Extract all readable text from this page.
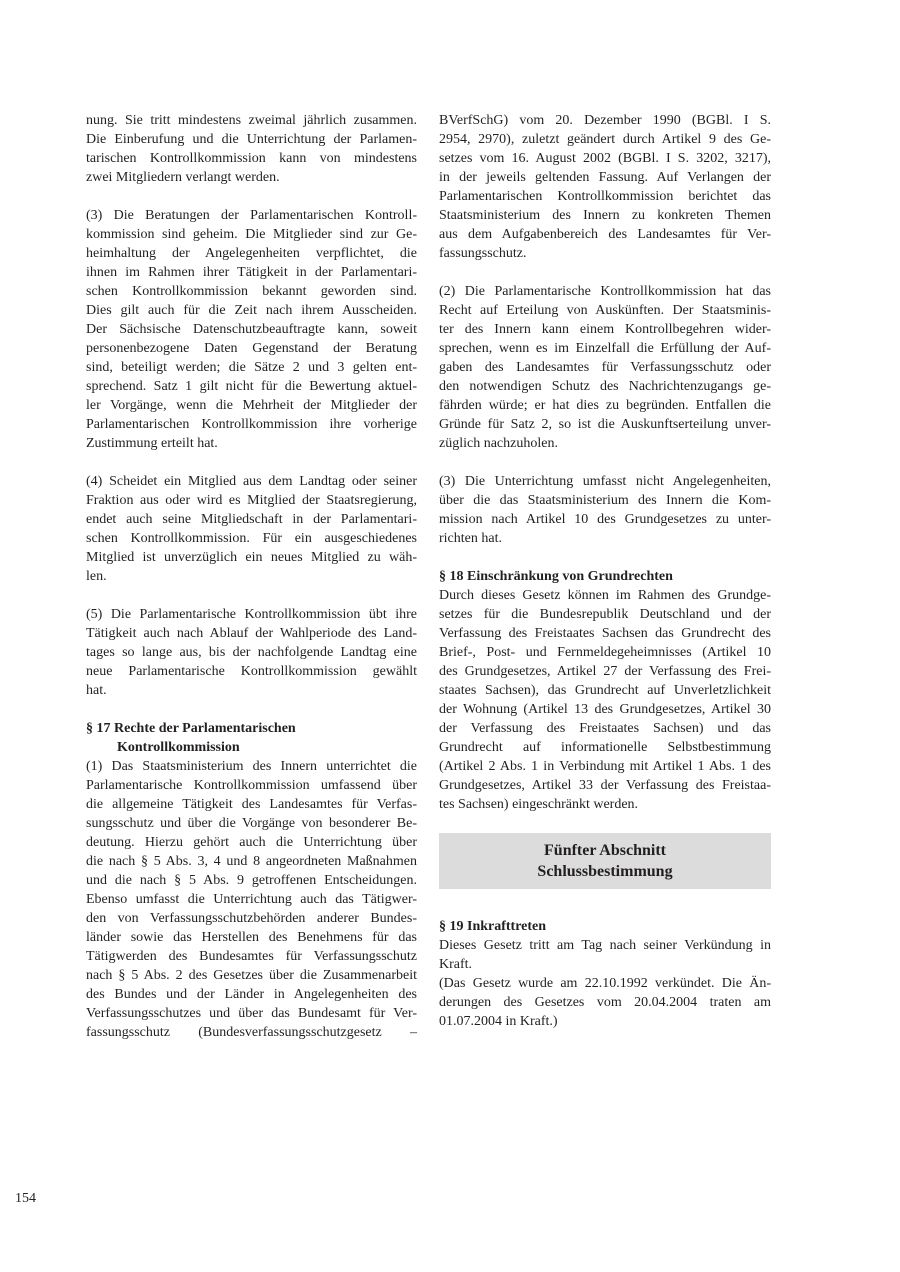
nung. Sie tritt mindestens zweimal jährlich zusammen.
Die Einberufung und die Unterrichtung der Parlamen-
tarischen Kontrollkommission kann von mindestens
zwei Mitgliedern verlangt werden.
(3) Die Beratungen der Parlamentarischen Kontroll-
kommission sind geheim. Die Mitglieder sind zur Ge-
heimhaltung der Angelegenheiten verpflichtet, die
ihnen im Rahmen ihrer Tätigkeit in der Parlamentari-
schen Kontrollkommission bekannt geworden sind.
Dies gilt auch für die Zeit nach ihrem Ausscheiden.
Der Sächsische Datenschutzbeauftragte kann, soweit
personenbezogene Daten Gegenstand der Beratung
sind, beteiligt werden; die Sätze 2 und 3 gelten ent-
sprechend. Satz 1 gilt nicht für die Bewertung aktuel-
ler Vorgänge, wenn die Mehrheit der Mitglieder der
Parlamentarischen Kontrollkommission ihre vorherige
Zustimmung erteilt hat.
(4) Scheidet ein Mitglied aus dem Landtag oder seiner
Fraktion aus oder wird es Mitglied der Staatsregierung,
endet auch seine Mitgliedschaft in der Parlamentari-
schen Kontrollkommission. Für ein ausgeschiedenes
Mitglied ist unverzüglich ein neues Mitglied zu wäh-
len.
(5) Die Parlamentarische Kontrollkommission übt ihre
Tätigkeit auch nach Ablauf der Wahlperiode des Land-
tages so lange aus, bis der nachfolgende Landtag eine
neue Parlamentarische Kontrollkommission gewählt
hat.
§ 17 Rechte der Parlamentarischen
Kontrollkommission
(1) Das Staatsministerium des Innern unterrichtet die
Parlamentarische Kontrollkommission umfassend über
die allgemeine Tätigkeit des Landesamtes für Verfas-
sungsschutz und über die Vorgänge von besonderer Be-
deutung. Hierzu gehört auch die Unterrichtung über
die nach § 5 Abs. 3, 4 und 8 angeordneten Maßnahmen
und die nach § 5 Abs. 9 getroffenen Entscheidungen.
Ebenso umfasst die Unterrichtung auch das Tätigwer-
den von Verfassungsschutzbehörden anderer Bundes-
länder sowie das Herstellen des Benehmens für das
Tätigwerden des Bundesamtes für Verfassungsschutz
nach § 5 Abs. 2 des Gesetzes über die Zusammenarbeit
des Bundes und der Länder in Angelegenheiten des
Verfassungsschutzes und über das Bundesamt für Ver-
fassungsschutz (Bundesverfassungsschutzgesetz –
BVerfSchG) vom 20. Dezember 1990 (BGBl. I S.
2954, 2970), zuletzt geändert durch Artikel 9 des Ge-
setzes vom 16. August 2002 (BGBl. I S. 3202, 3217),
in der jeweils geltenden Fassung. Auf Verlangen der
Parlamentarischen Kontrollkommission berichtet das
Staatsministerium des Innern zu konkreten Themen
aus dem Aufgabenbereich des Landesamtes für Ver-
fassungsschutz.
(2) Die Parlamentarische Kontrollkommission hat das
Recht auf Erteilung von Auskünften. Der Staatsminis-
ter des Innern kann einem Kontrollbegehren wider-
sprechen, wenn es im Einzelfall die Erfüllung der Auf-
gaben des Landesamtes für Verfassungsschutz oder
den notwendigen Schutz des Nachrichtenzugangs ge-
fährden würde; er hat dies zu begründen. Entfallen die
Gründe für Satz 2, so ist die Auskunftserteilung unver-
züglich nachzuholen.
(3) Die Unterrichtung umfasst nicht Angelegenheiten,
über die das Staatsministerium des Innern die Kom-
mission nach Artikel 10 des Grundgesetzes zu unter-
richten hat.
§ 18 Einschränkung von Grundrechten
Durch dieses Gesetz können im Rahmen des Grundge-
setzes für die Bundesrepublik Deutschland und der
Verfassung des Freistaates Sachsen das Grundrecht des
Brief-, Post- und Fernmeldegeheimnisses (Artikel 10
des Grundgesetzes, Artikel 27 der Verfassung des Frei-
staates Sachsen), das Grundrecht auf Unverletzlichkeit
der Wohnung (Artikel 13 des Grundgesetzes, Artikel 30
der Verfassung des Freistaates Sachsen) und das
Grundrecht auf informationelle Selbstbestimmung
(Artikel 2 Abs. 1 in Verbindung mit Artikel 1 Abs. 1 des
Grundgesetzes, Artikel 33 der Verfassung des Freistaa-
tes Sachsen) eingeschränkt werden.
Fünfter Abschnitt
Schlussbestimmung
§ 19 Inkrafttreten
Dieses Gesetz tritt am Tag nach seiner Verkündung in
Kraft.
(Das Gesetz wurde am 22.10.1992 verkündet. Die Än-
derungen des Gesetzes vom 20.04.2004 traten am
01.07.2004 in Kraft.)
154
